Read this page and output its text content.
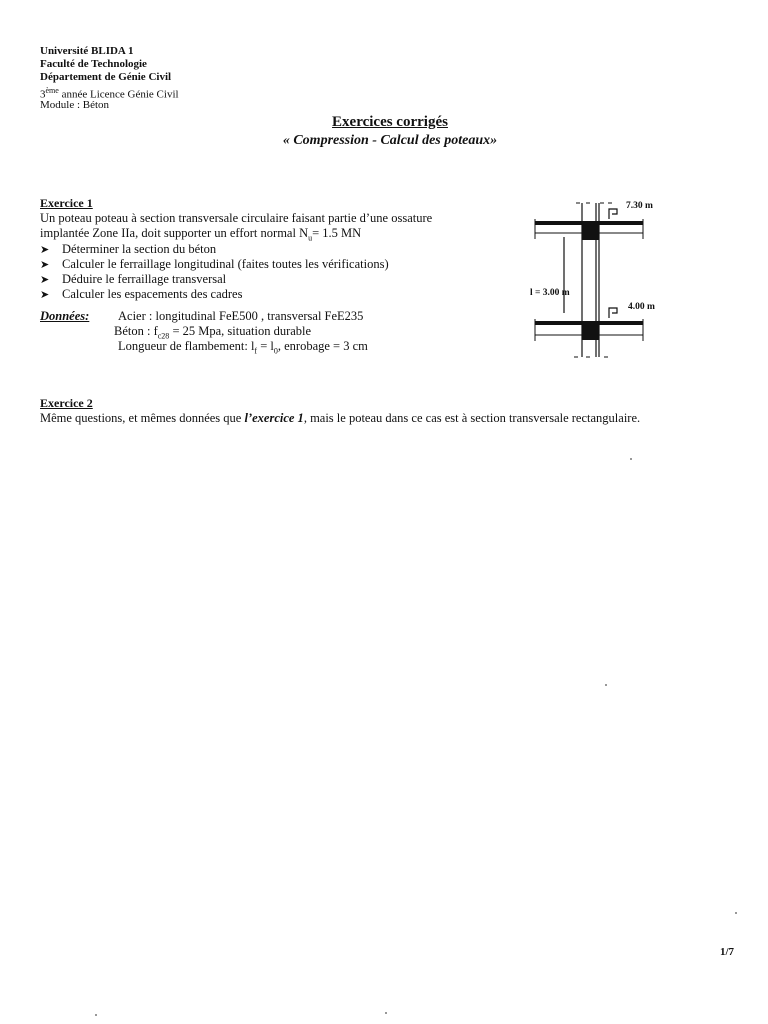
Université BLIDA 1
Faculté de Technologie
Département de Génie Civil
3ème année Licence Génie Civil
Module : Béton
Exercices corrigés
« Compression - Calcul des poteaux»
Exercice 1
Un poteau poteau à section transversale circulaire faisant partie d’une ossature
implantée Zone IIa, doit supporter un effort normal $N_u= 1.5$ MN
➤ Déterminer la section du béton
➤ Calculer le ferraillage longitudinal (faites toutes les vérifications)
➤ Déduire le ferraillage transversal
➤ Calculer les espacements des cadres
Données: Acier : longitudinal FeE500 , transversal FeE235
Béton : $f_{c28} = 25$ Mpa, situation durable
Longueur de flambement: $l_f = l_0$, enrobage = 3 cm
7.30 m
4.00 m
l = 3.00 m
Exercice 2
Même questions, et mêmes données que l’exercice 1, mais le poteau dans ce cas est à section transversale rectangulaire.
1/7
